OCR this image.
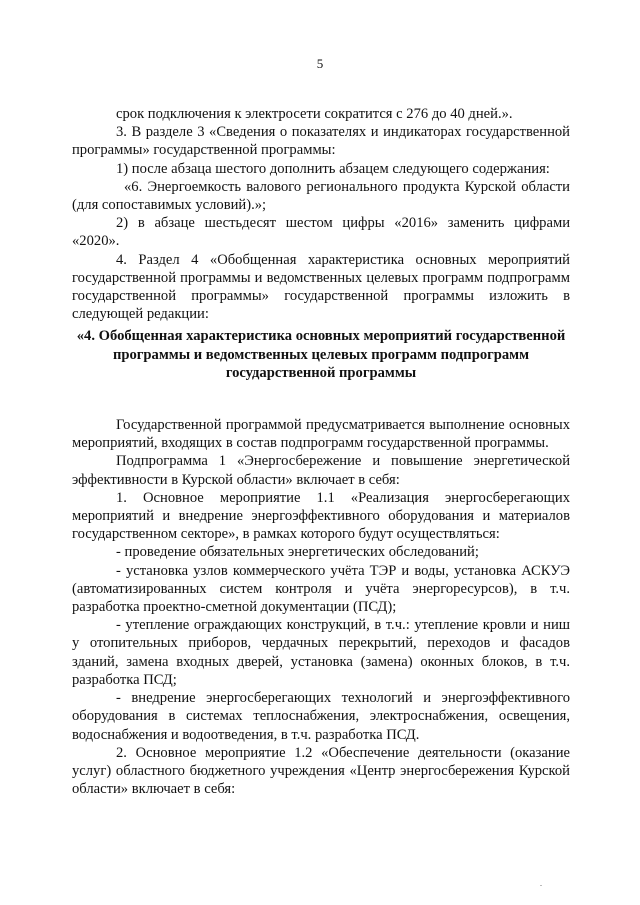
5

срок подключения к электросети сократится с 276 до 40 дней.».

3. В разделе 3 «Сведения о показателях и индикаторах государственной программы» государственной программы:

1) после абзаца шестого дополнить абзацем следующего содержания:

«6. Энергоемкость валового регионального продукта Курской области (для сопоставимых условий).»;

2) в абзаце шестьдесят шестом цифры «2016» заменить цифрами «2020».

4. Раздел 4 «Обобщенная характеристика основных мероприятий государственной программы и ведомственных целевых программ подпрограмм государственной программы» государственной программы изложить в следующей редакции:

«4. Обобщенная характеристика основных мероприятий государственной программы и ведомственных целевых программ подпрограмм государственной программы

Государственной программой предусматривается выполнение основных мероприятий, входящих в состав подпрограмм государственной программы.

Подпрограмма 1 «Энергосбережение и повышение энергетической эффективности в Курской области» включает в себя:

1. Основное мероприятие 1.1 «Реализация энергосберегающих мероприятий и внедрение энергоэффективного оборудования и материалов государственном секторе», в рамках которого будут осуществляться:

- проведение обязательных энергетических обследований;

- установка узлов коммерческого учёта ТЭР и воды, установка АСКУЭ (автоматизированных систем контроля и учёта энергоресурсов), в т.ч. разработка проектно-сметной документации (ПСД);

- утепление ограждающих конструкций, в т.ч.: утепление кровли и ниш у отопительных приборов, чердачных перекрытий, переходов и фасадов зданий, замена входных дверей, установка (замена) оконных блоков, в т.ч. разработка ПСД;

- внедрение энергосберегающих технологий и энергоэффективного оборудования в системах теплоснабжения, электроснабжения, освещения, водоснабжения и водоотведения, в т.ч. разработка ПСД.

2. Основное мероприятие 1.2 «Обеспечение деятельности (оказание услуг) областного бюджетного учреждения «Центр энергосбережения Курской области» включает в себя:
